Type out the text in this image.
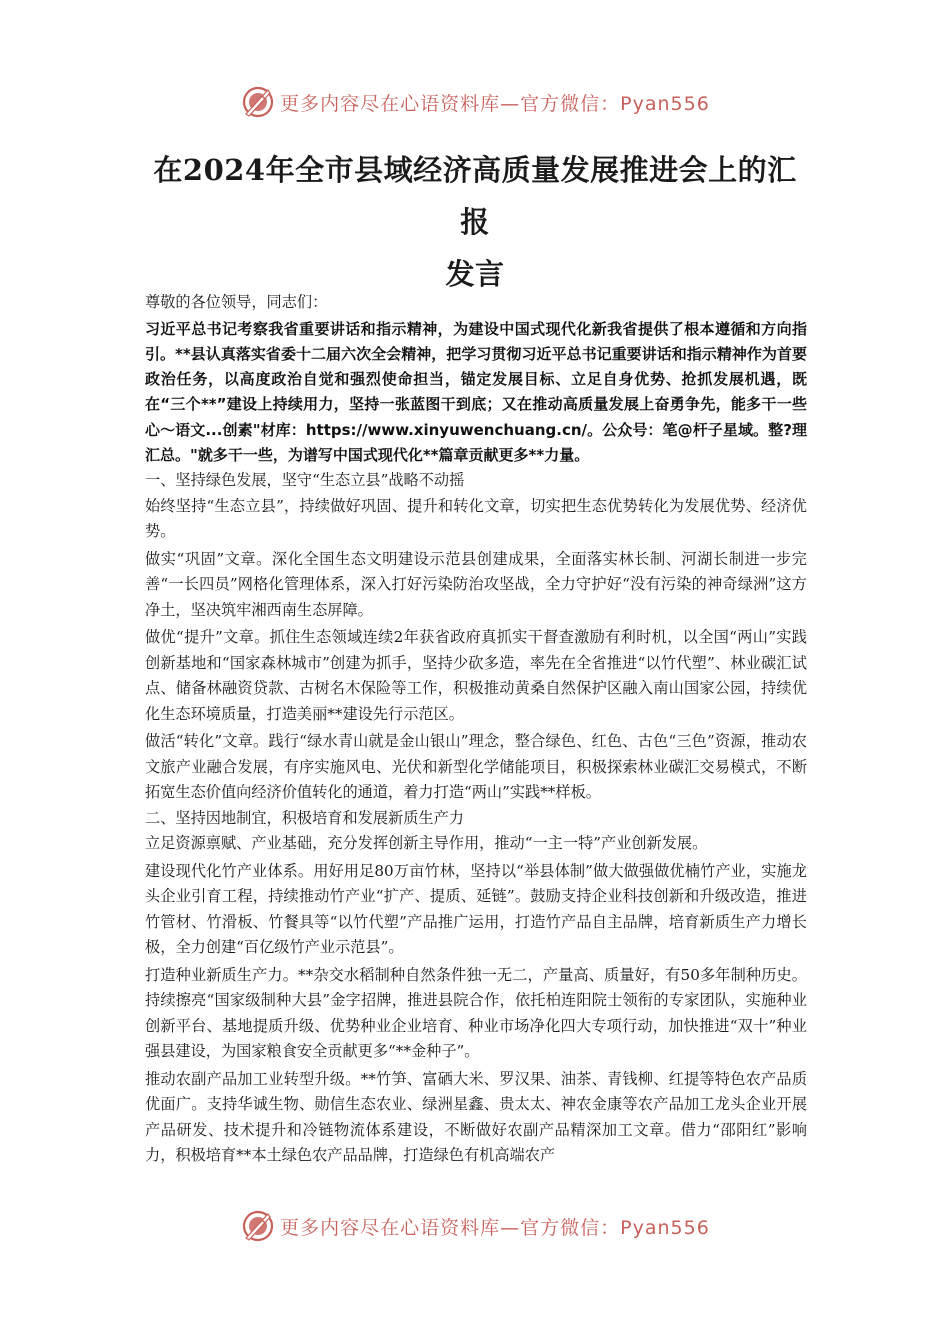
更多内容尽在心语资料库—官方微信：Pyan556
在2024年全市县域经济高质量发展推进会上的汇报
发言

尊敬的各位领导，同志们：

习近平总书记考察我省重要讲话和指示精神，为建设中国式现代化新我省提供了根本遵循和方向指引。**县认真落实省委十二届六次全会精神，把学习贯彻习近平总书记重要讲话和指示精神作为首要政治任务，以高度政治自觉和强烈使命担当，锚定发展目标、立足自身优势、抢抓发展机遇，既在“三个**”建设上持续用力，坚持一张蓝图干到底；又在推动高质量发展上奋勇争先，能多干一些心～语文...创素"材库：https://www.xinyuwenchuang.cn/。公众号：笔@杆子星域。整?理汇总。"就多干一些，为谱写中国式现代化**篇章贡献更多**力量。

一、坚持绿色发展，坚守“生态立县”战略不动摇

始终坚持“生态立县”，持续做好巩固、提升和转化文章，切实把生态优势转化为发展优势、经济优势。

做实“巩固”文章。深化全国生态文明建设示范县创建成果，全面落实林长制、河湖长制进一步完善“一长四员”网格化管理体系，深入打好污染防治攻坚战，全力守护好“没有污染的神奇绿洲”这方净土，坚决筑牢湘西南生态屏障。

做优“提升”文章。抓住生态领域连续2年获省政府真抓实干督查激励有利时机，以全国“两山”实践创新基地和“国家森林城市”创建为抓手，坚持少砍多造，率先在全省推进“以竹代塑”、林业碳汇试点、储备林融资贷款、古树名木保险等工作，积极推动黄桑自然保护区融入南山国家公园，持续优化生态环境质量，打造美丽**建设先行示范区。

做活“转化”文章。践行“绿水青山就是金山银山”理念，整合绿色、红色、古色“三色”资源，推动农文旅产业融合发展，有序实施风电、光伏和新型化学储能项目，积极探索林业碳汇交易模式，不断拓宽生态价值向经济价值转化的通道，着力打造“两山”实践**样板。

二、坚持因地制宜，积极培育和发展新质生产力

立足资源禀赋、产业基础，充分发挥创新主导作用，推动“一主一特”产业创新发展。

建设现代化竹产业体系。用好用足80万亩竹林，坚持以“举县体制”做大做强做优楠竹产业，实施龙头企业引育工程，持续推动竹产业“扩产、提质、延链”。鼓励支持企业科技创新和升级改造，推进竹管材、竹滑板、竹餐具等“以竹代塑”产品推广运用，打造竹产品自主品牌，培育新质生产力增长极，全力创建“百亿级竹产业示范县”。

打造种业新质生产力。**杂交水稻制种自然条件独一无二，产量高、质量好，有50多年制种历史。持续擦亮“国家级制种大县”金字招牌，推进县院合作，依托柏连阳院士领衔的专家团队，实施种业创新平台、基地提质升级、优势种业企业培育、种业市场净化四大专项行动，加快推进“双十”种业强县建设，为国家粮食安全贡献更多“**金种子”。

推动农副产品加工业转型升级。**竹笋、富硒大米、罗汉果、油茶、青钱柳、红提等特色农产品质优面广。支持华诚生物、勋信生态农业、绿洲星鑫、贵太太、神农金康等农产品加工龙头企业开展产品研发、技术提升和冷链物流体系建设，不断做好农副产品精深加工文章。借力“邵阳红”影响力，积极培育**本土绿色农产品品牌，打造绿色有机高端农产

更多内容尽在心语资料库—官方微信：Pyan556
